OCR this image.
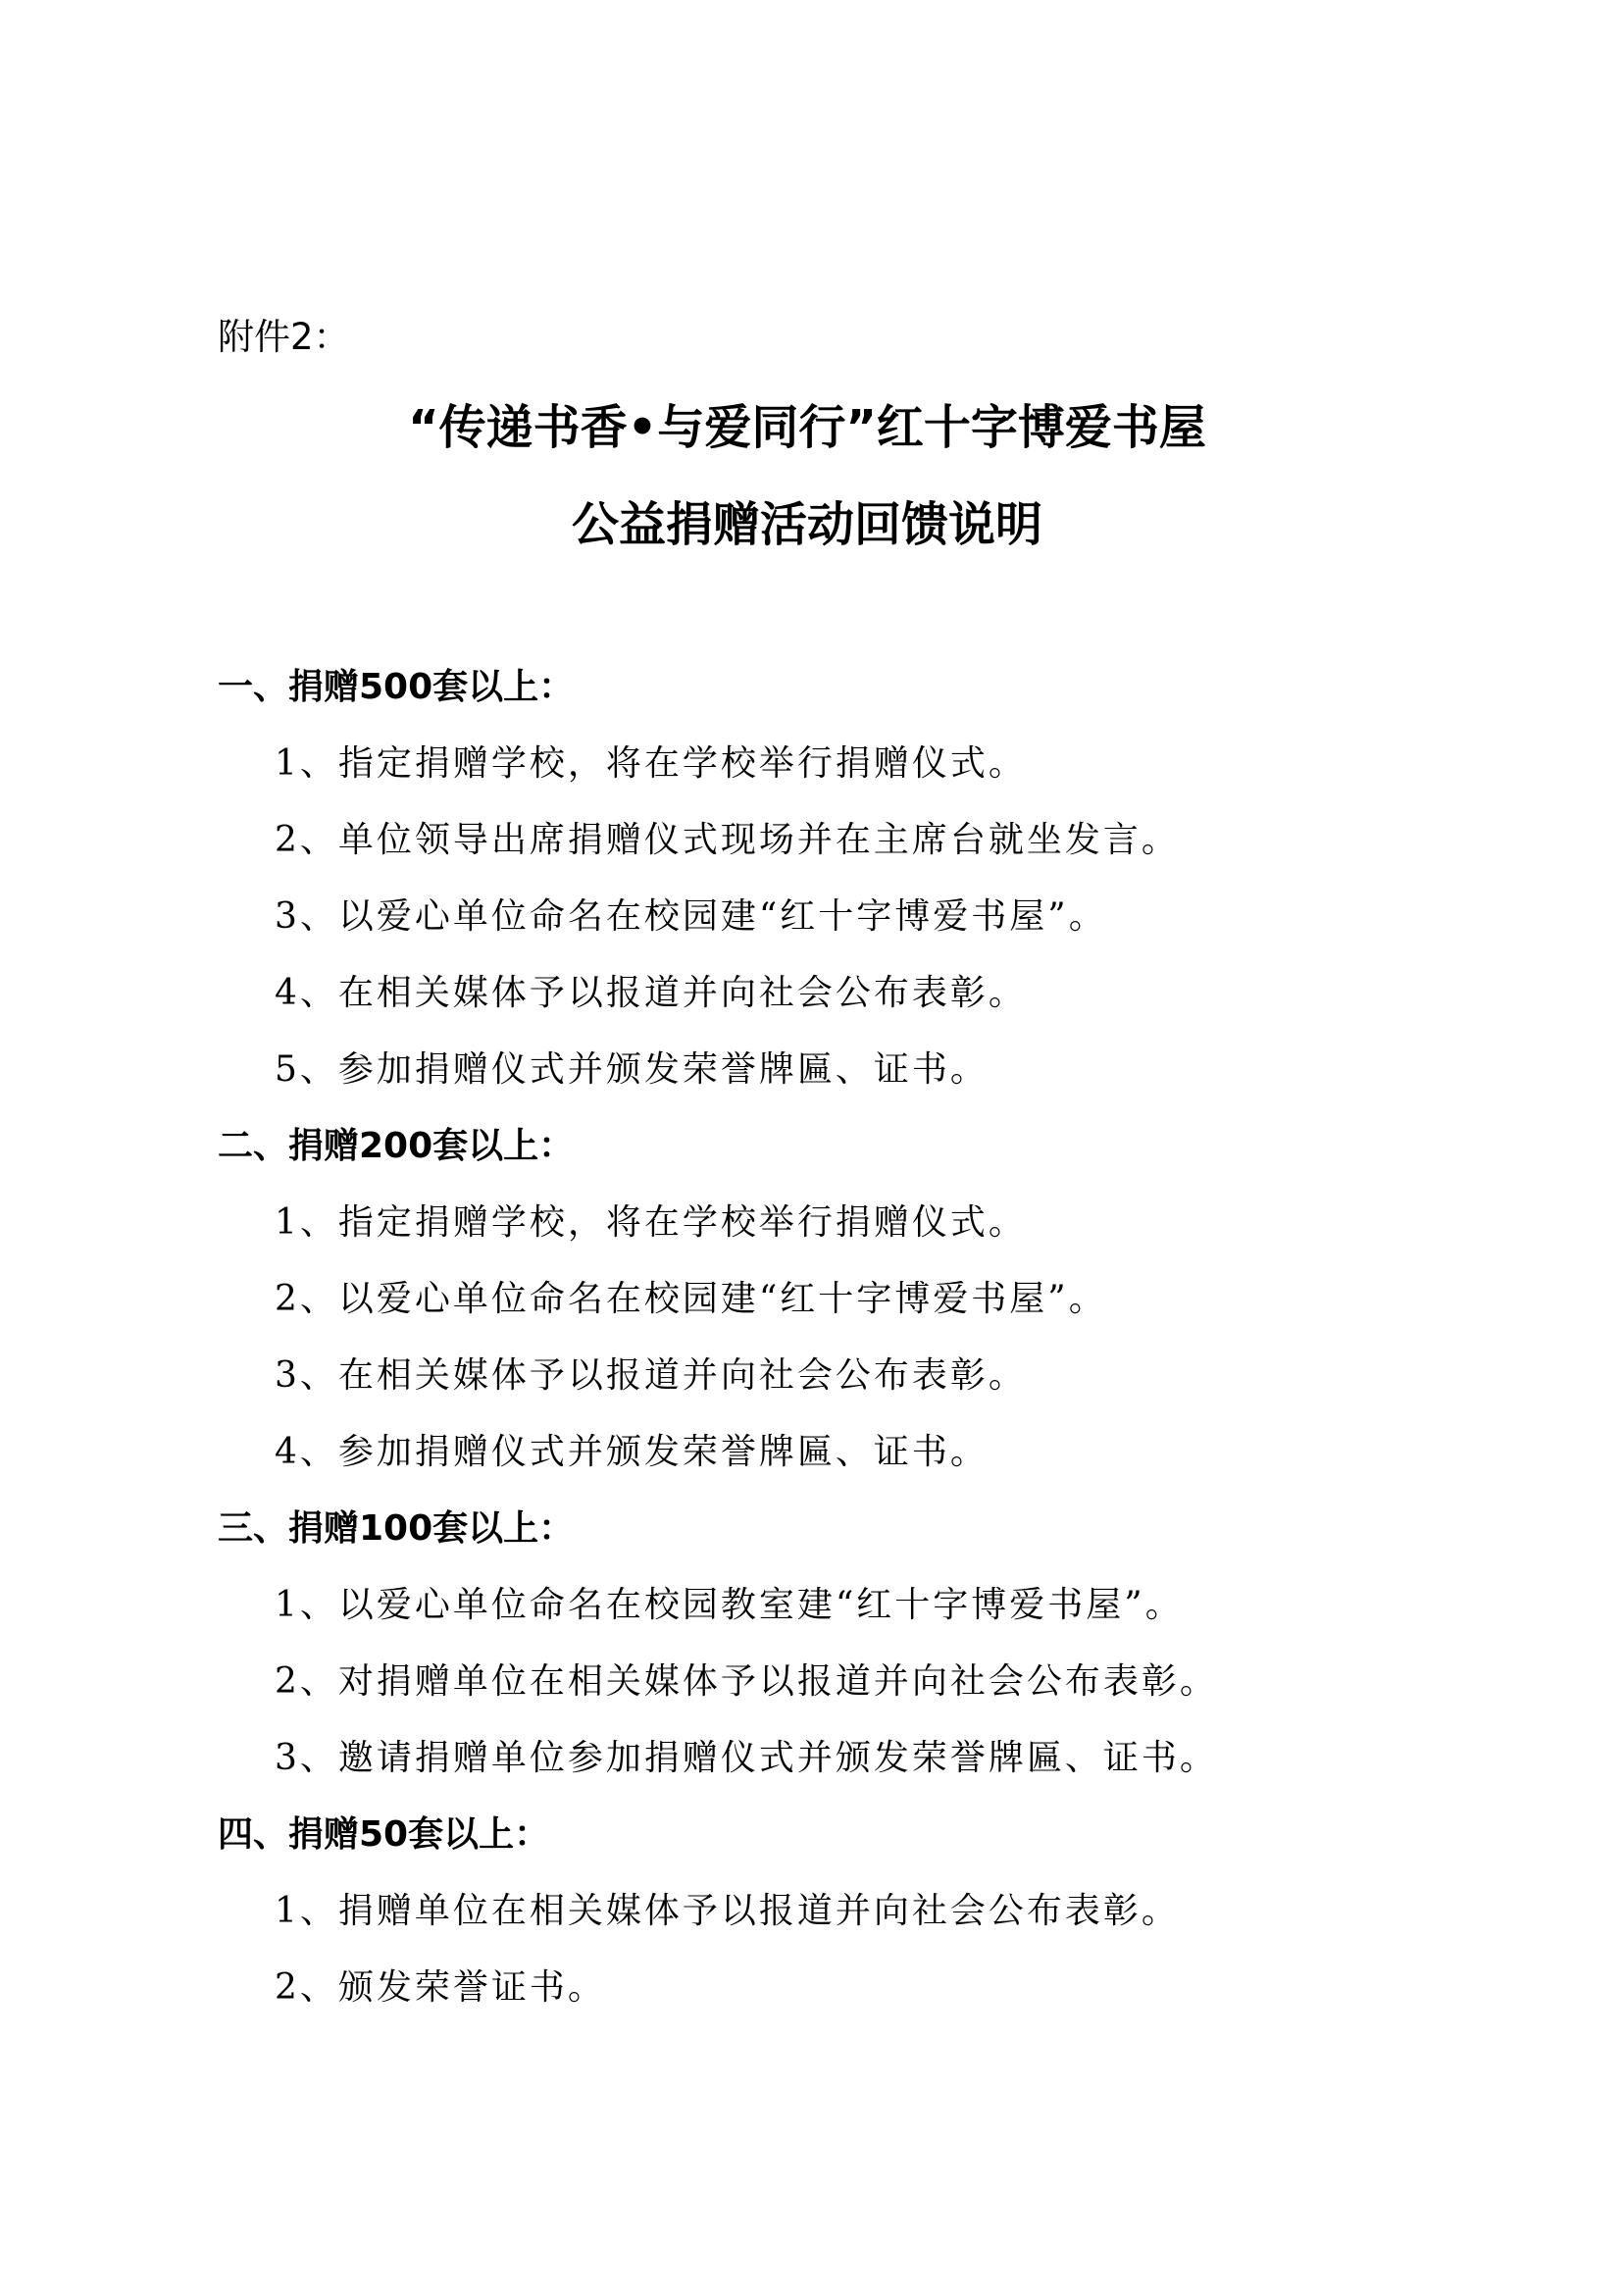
附件2：
“传递书香•与爱同行”红十字博爱书屋
公益捐赠活动回馈说明
一、捐赠500套以上：
1、指定捐赠学校，将在学校举行捐赠仪式。
2、单位领导出席捐赠仪式现场并在主席台就坐发言。
3、以爱心单位命名在校园建“红十字博爱书屋”。
4、在相关媒体予以报道并向社会公布表彰。
5、参加捐赠仪式并颁发荣誉牌匾、证书。
二、捐赠200套以上：
1、指定捐赠学校，将在学校举行捐赠仪式。
2、以爱心单位命名在校园建“红十字博爱书屋”。
3、在相关媒体予以报道并向社会公布表彰。
4、参加捐赠仪式并颁发荣誉牌匾、证书。
三、捐赠100套以上：
1、以爱心单位命名在校园教室建“红十字博爱书屋”。
2、对捐赠单位在相关媒体予以报道并向社会公布表彰。
3、邀请捐赠单位参加捐赠仪式并颁发荣誉牌匾、证书。
四、捐赠50套以上：
1、捐赠单位在相关媒体予以报道并向社会公布表彰。
2、颁发荣誉证书。
